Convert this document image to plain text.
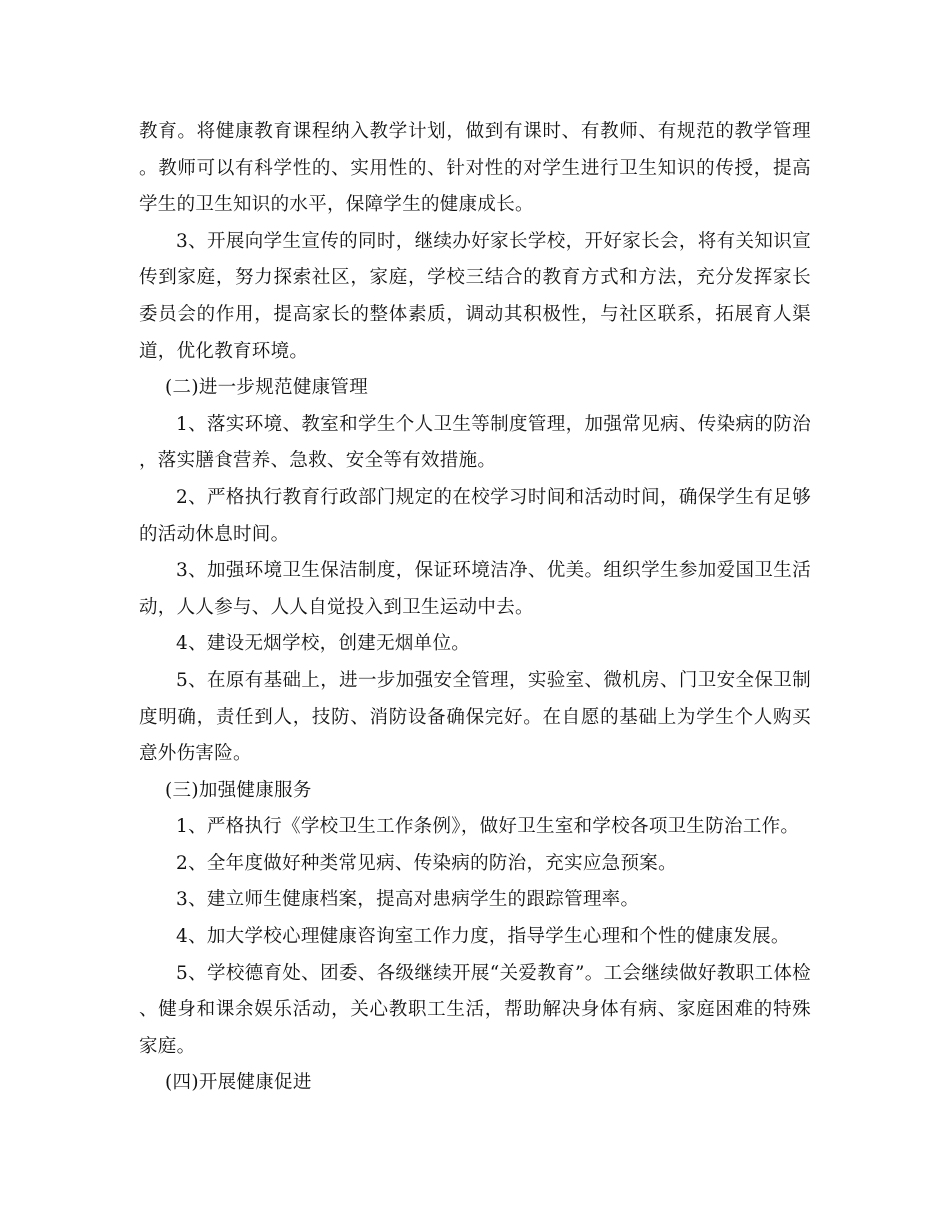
教育。将健康教育课程纳入教学计划，做到有课时、有教师、有规范的教学管理。教师可以有科学性的、实用性的、针对性的对学生进行卫生知识的传授，提高学生的卫生知识的水平，保障学生的健康成长。

3、开展向学生宣传的同时，继续办好家长学校，开好家长会，将有关知识宣传到家庭，努力探索社区，家庭，学校三结合的教育方式和方法，充分发挥家长委员会的作用，提高家长的整体素质，调动其积极性，与社区联系，拓展育人渠道，优化教育环境。

(二)进一步规范健康管理

1、落实环境、教室和学生个人卫生等制度管理，加强常见病、传染病的防治，落实膳食营养、急救、安全等有效措施。

2、严格执行教育行政部门规定的在校学习时间和活动时间，确保学生有足够的活动休息时间。

3、加强环境卫生保洁制度，保证环境洁净、优美。组织学生参加爱国卫生活动，人人参与、人人自觉投入到卫生运动中去。

4、建设无烟学校，创建无烟单位。

5、在原有基础上，进一步加强安全管理，实验室、微机房、门卫安全保卫制度明确，责任到人，技防、消防设备确保完好。在自愿的基础上为学生个人购买意外伤害险。

(三)加强健康服务

1、严格执行《学校卫生工作条例》，做好卫生室和学校各项卫生防治工作。

2、全年度做好种类常见病、传染病的防治，充实应急预案。

3、建立师生健康档案，提高对患病学生的跟踪管理率。

4、加大学校心理健康咨询室工作力度，指导学生心理和个性的健康发展。

5、学校德育处、团委、各级继续开展“关爱教育”。工会继续做好教职工体检、健身和课余娱乐活动，关心教职工生活，帮助解决身体有病、家庭困难的特殊家庭。

(四)开展健康促进
